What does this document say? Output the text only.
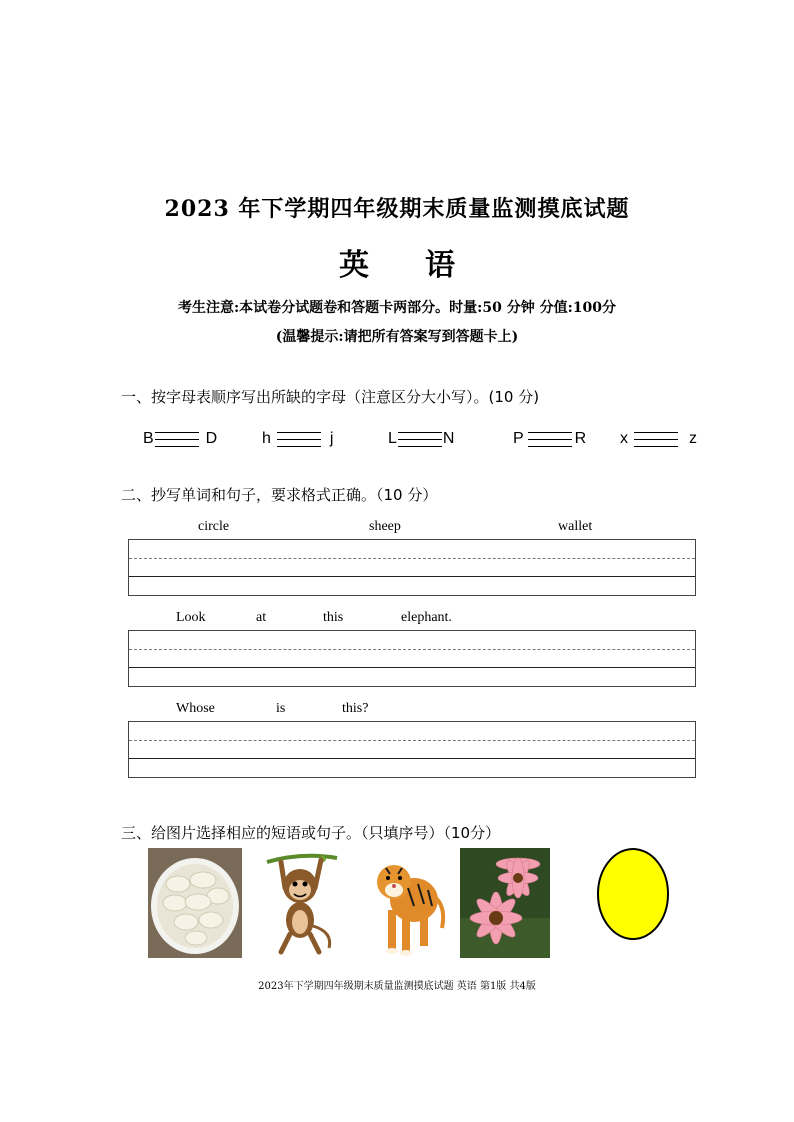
2023 年下学期四年级期末质量监测摸底试题
英 语
考生注意:本试卷分试题卷和答题卡两部分。时量:50 分钟 分值:100分
(温馨提示:请把所有答案写到答题卡上)
一、按字母表顺序写出所缺的字母（注意区分大小写）。(10 分)
B	D	h	j	L	N	P	R x	z
二、抄写单词和句子，要求格式正确。（10 分）
circle	sheep	wallet
Look	at	this	elephant.
Whose	is	this?
三、给图片选择相应的短语或句子。（只填序号）（10分）
2023年下学期四年级期末质量监测摸底试题 英语 第1版 共4版
